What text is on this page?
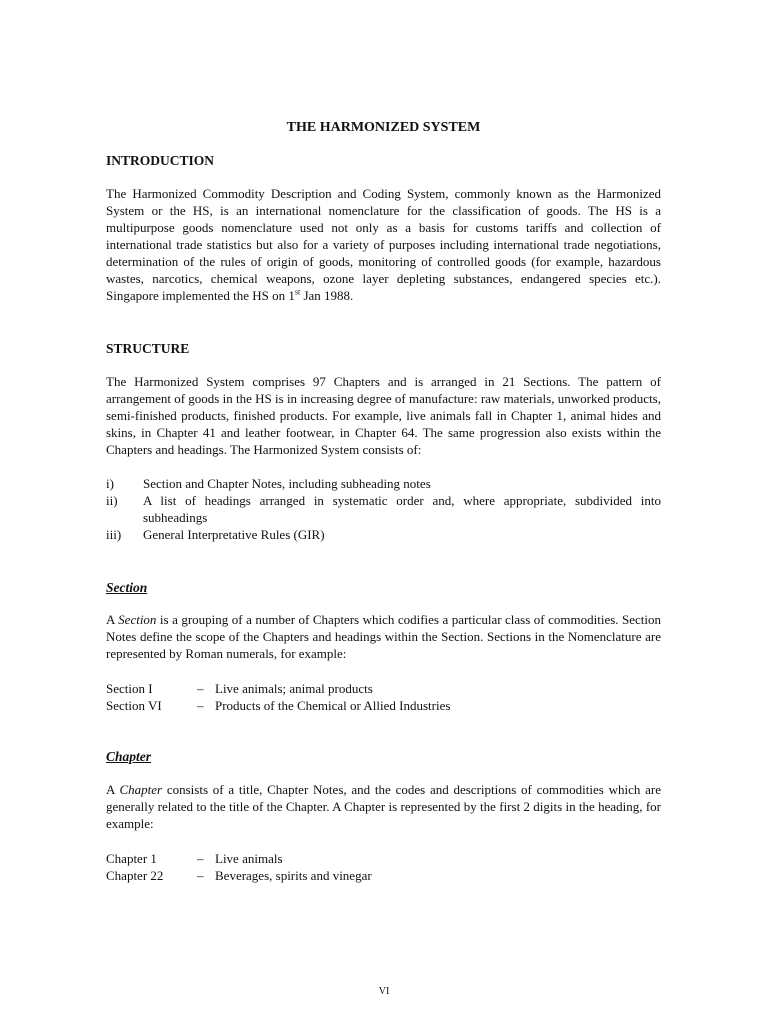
THE HARMONIZED SYSTEM
INTRODUCTION

The Harmonized Commodity Description and Coding System, commonly known as the Harmonized System or the HS, is an international nomenclature for the classification of goods. The HS is a multipurpose goods nomenclature used not only as a basis for customs tariffs and collection of international trade statistics but also for a variety of purposes including international trade negotiations, determination of the rules of origin of goods, monitoring of controlled goods (for example, hazardous wastes, narcotics, chemical weapons, ozone layer depleting substances, endangered species etc.). Singapore implemented the HS on 1st Jan 1988.

STRUCTURE

The Harmonized System comprises 97 Chapters and is arranged in 21 Sections. The pattern of arrangement of goods in the HS is in increasing degree of manufacture: raw materials, unworked products, semi-finished products, finished products. For example, live animals fall in Chapter 1, animal hides and skins, in Chapter 41 and leather footwear, in Chapter 64. The same progression also exists within the Chapters and headings. The Harmonized System consists of:

i)	Section and Chapter Notes, including subheading notes
ii)	A list of headings arranged in systematic order and, where appropriate, subdivided into subheadings
iii)	General Interpretative Rules (GIR)
Section

A Section is a grouping of a number of Chapters which codifies a particular class of commodities. Section Notes define the scope of the Chapters and headings within the Section. Sections in the Nomenclature are represented by Roman numerals, for example:

Section I	– Live animals; animal products
Section VI	– Products of the Chemical or Allied Industries
Chapter

A Chapter consists of a title, Chapter Notes, and the codes and descriptions of commodities which are generally related to the title of the Chapter. A Chapter is represented by the first 2 digits in the heading, for example:

Chapter 1	– Live animals
Chapter 22	– Beverages, spirits and vinegar
VI
